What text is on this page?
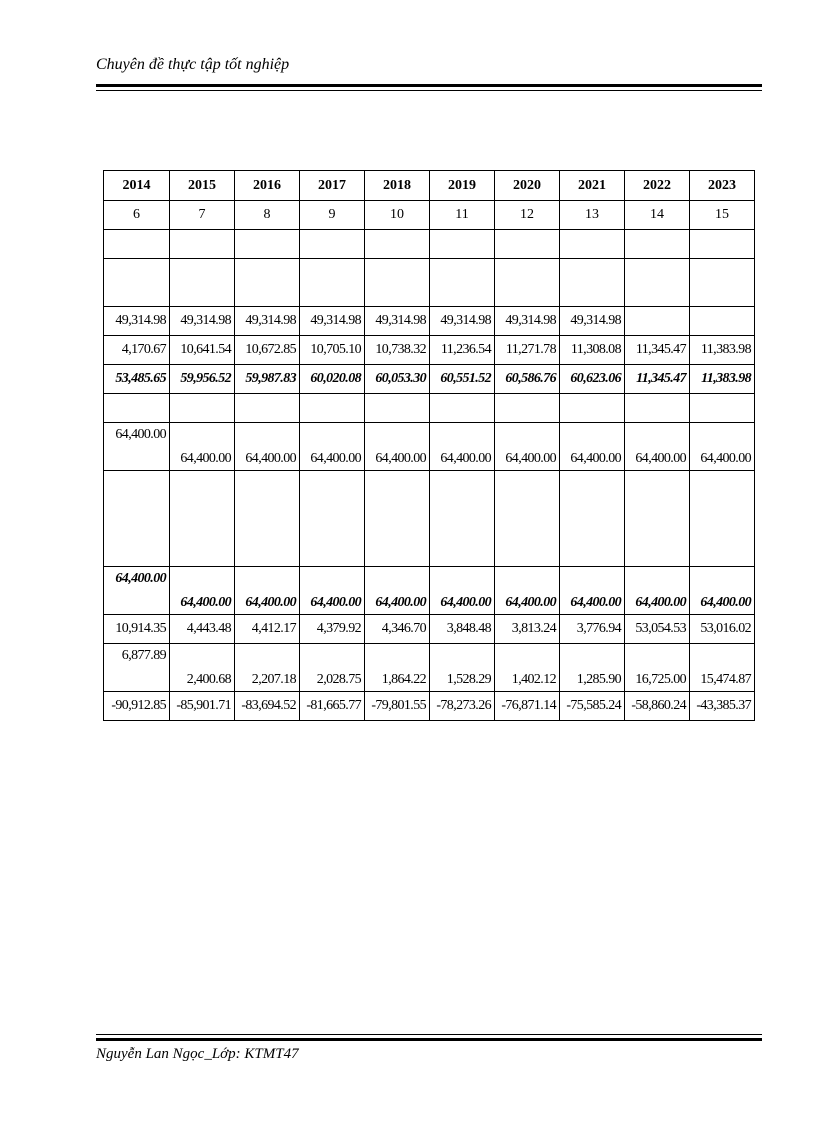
Chuyên đề thực tập tốt nghiệp
2014	2015	2016	2017	2018	2019	2020	2021	2022	2023
6	7	8	9	10	11	12	13	14	15

49,314.98	49,314.98	49,314.98	49,314.98	49,314.98	49,314.98	49,314.98	49,314.98		
4,170.67	10,641.54	10,672.85	10,705.10	10,738.32	11,236.54	11,271.78	11,308.08	11,345.47	11,383.98
53,485.65	59,956.52	59,987.83	60,020.08	60,053.30	60,551.52	60,586.76	60,623.06	11,345.47	11,383.98

64,400.00	64,400.00	64,400.00	64,400.00	64,400.00	64,400.00	64,400.00	64,400.00	64,400.00	64,400.00

64,400.00	64,400.00	64,400.00	64,400.00	64,400.00	64,400.00	64,400.00	64,400.00	64,400.00	64,400.00
10,914.35	4,443.48	4,412.17	4,379.92	4,346.70	3,848.48	3,813.24	3,776.94	53,054.53	53,016.02
6,877.89	2,400.68	2,207.18	2,028.75	1,864.22	1,528.29	1,402.12	1,285.90	16,725.00	15,474.87
-90,912.85	-85,901.71	-83,694.52	-81,665.77	-79,801.55	-78,273.26	-76,871.14	-75,585.24	-58,860.24	-43,385.37
Nguyễn Lan Ngọc_Lớp: KTMT47
